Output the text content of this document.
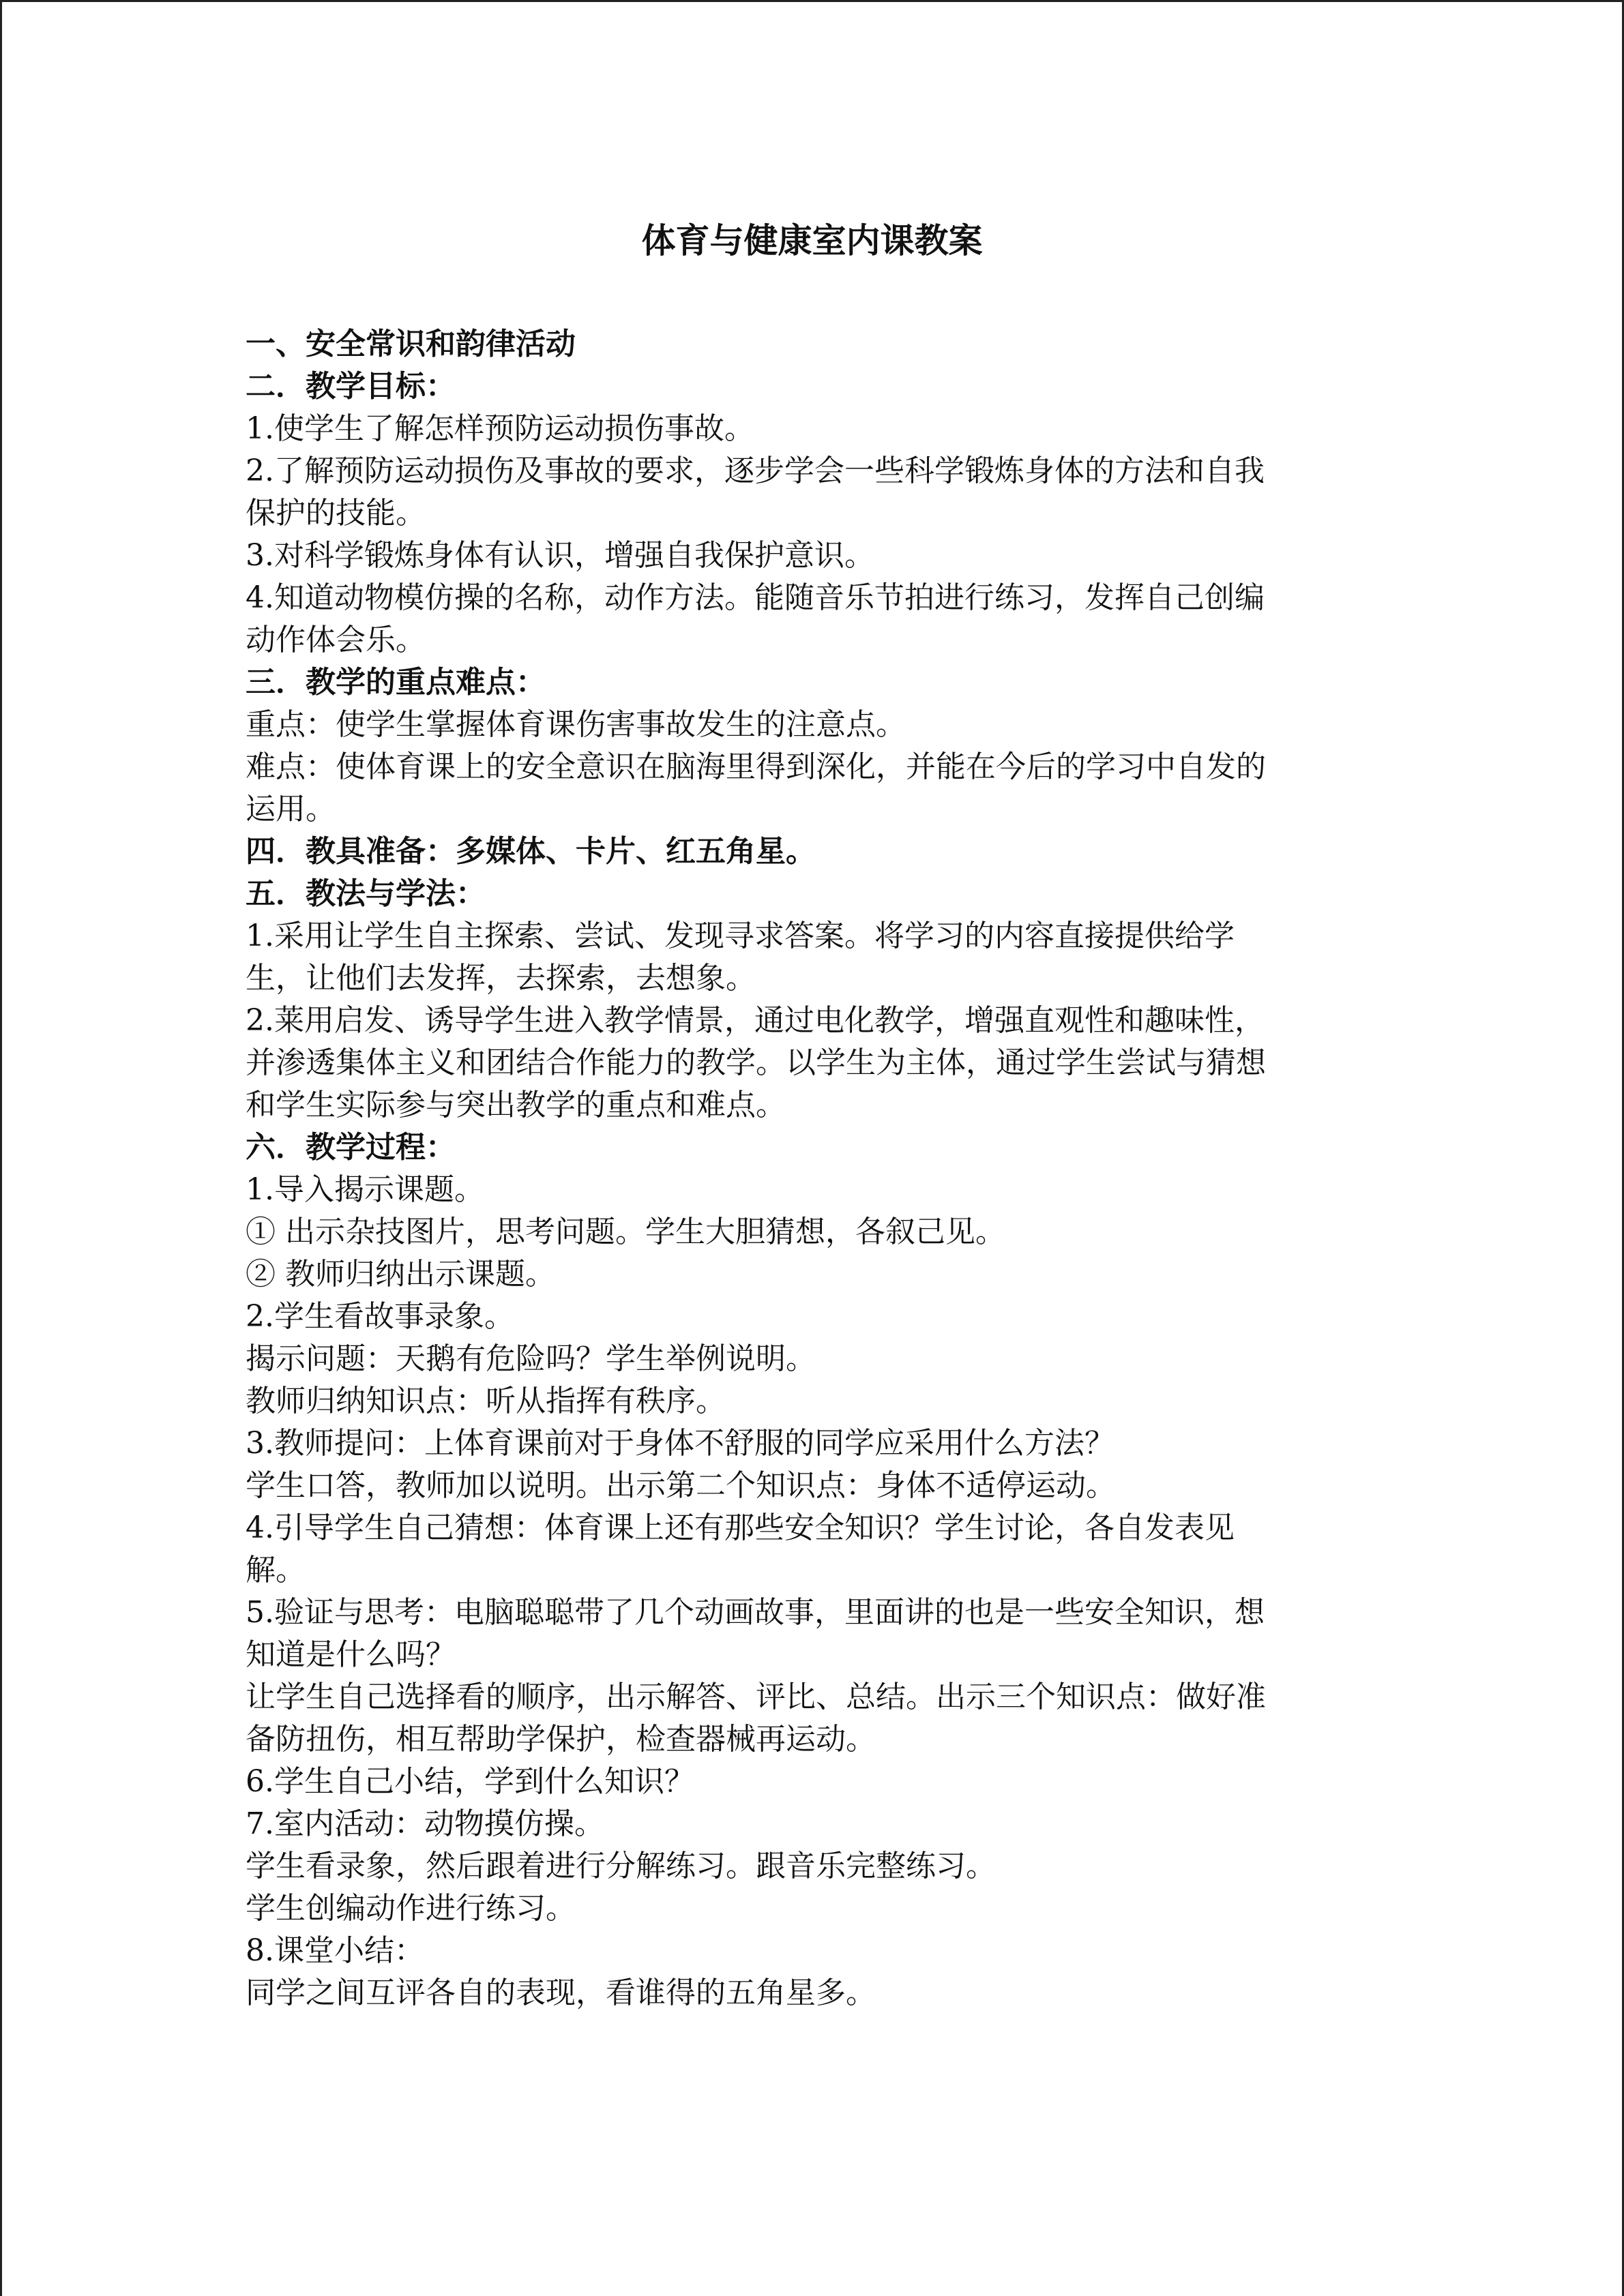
体育与健康室内课教案

一、安全常识和韵律活动

二．教学目标：

1.使学生了解怎样预防运动损伤事故。

2.了解预防运动损伤及事故的要求，逐步学会一些科学锻炼身体的方法和自我

保护的技能。

3.对科学锻炼身体有认识，增强自我保护意识。

4.知道动物模仿操的名称，动作方法。能随音乐节拍进行练习，发挥自己创编

动作体会乐。

三．教学的重点难点：

重点：使学生掌握体育课伤害事故发生的注意点。

难点：使体育课上的安全意识在脑海里得到深化，并能在今后的学习中自发的

运用。

四．教具准备：多媒体、卡片、红五角星。

五．教法与学法：

1.采用让学生自主探索、尝试、发现寻求答案。将学习的内容直接提供给学

生，让他们去发挥，去探索，去想象。

2.莱用启发、诱导学生进入教学情景，通过电化教学，增强直观性和趣味性，

并渗透集体主义和团结合作能力的教学。以学生为主体，通过学生尝试与猜想

和学生实际参与突出教学的重点和难点。

六．教学过程：

1.导入揭示课题。

① 出示杂技图片，思考问题。学生大胆猜想，各叙己见。

② 教师归纳出示课题。

2.学生看故事录象。

揭示问题：天鹅有危险吗？学生举例说明。

教师归纳知识点：听从指挥有秩序。

3.教师提问：上体育课前对于身体不舒服的同学应采用什么方法？

学生口答，教师加以说明。出示第二个知识点：身体不适停运动。

4.引导学生自己猜想：体育课上还有那些安全知识？学生讨论，各自发表见

解。

5.验证与思考：电脑聪聪带了几个动画故事，里面讲的也是一些安全知识，想

知道是什么吗？

让学生自己选择看的顺序，出示解答、评比、总结。出示三个知识点：做好准

备防扭伤，相互帮助学保护，检查器械再运动。

6.学生自己小结，学到什么知识？

7.室内活动：动物摸仿操。

学生看录象，然后跟着进行分解练习。跟音乐完整练习。

学生创编动作进行练习。

8.课堂小结：

同学之间互评各自的表现，看谁得的五角星多。
